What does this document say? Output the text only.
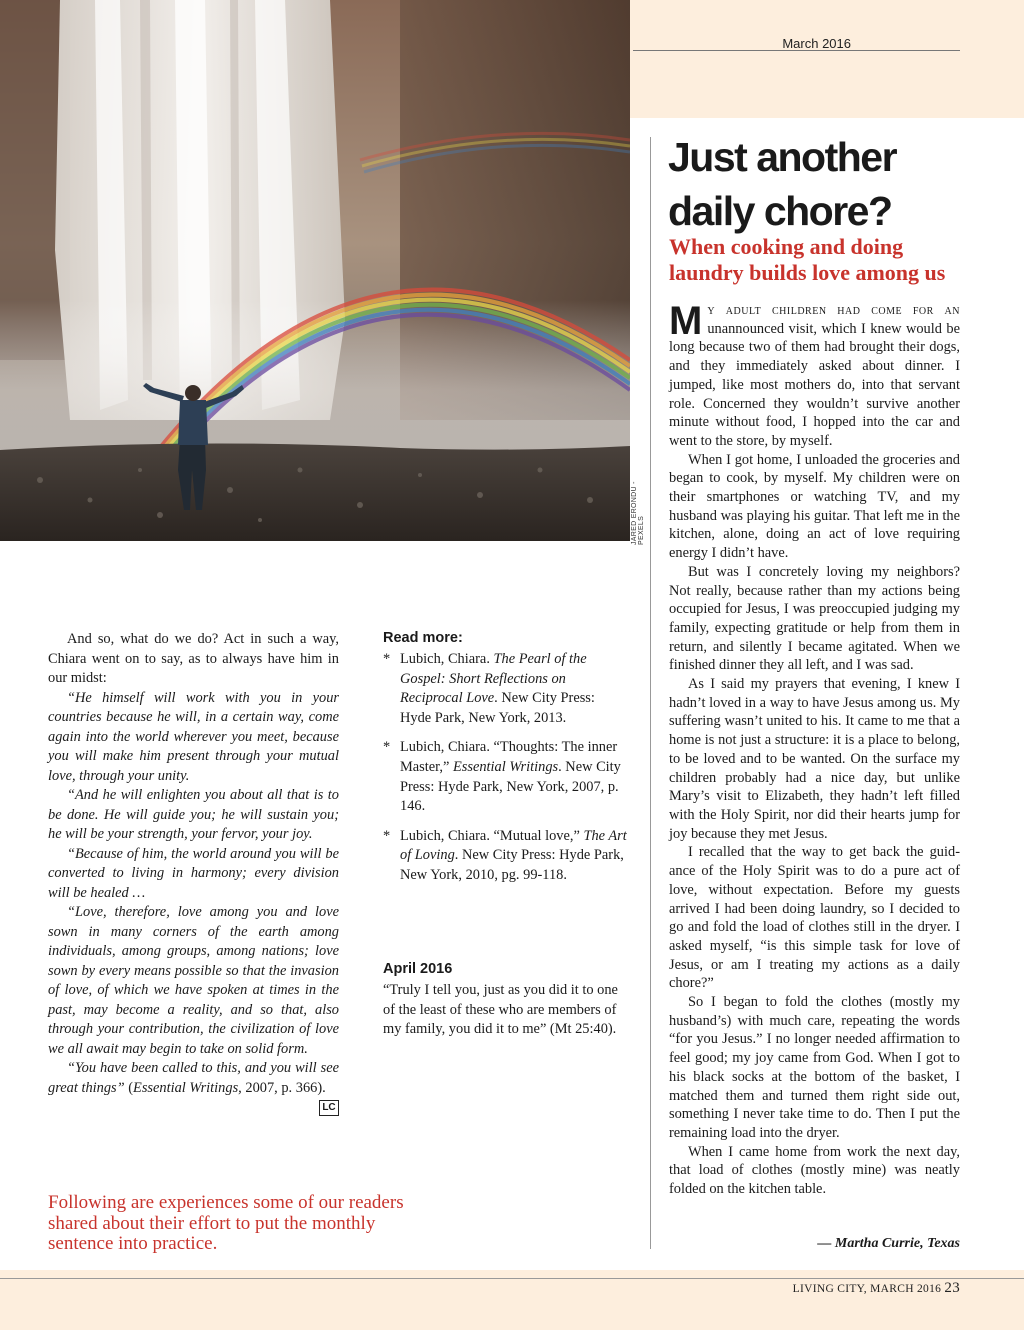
JARED ERONDU - PEXELS
March 2016
Just another daily chore?
When cooking and doing laundry builds love among us

My adult children had come for an unannounced visit, which I knew would be long because two of them had brought their dogs, and they immediately asked about dinner. I jumped, like most mothers do, into that servant role. Concerned they wouldn’t survive another minute without food, I hopped into the car and went to the store, by myself.

When I got home, I unloaded the groceries and began to cook, by myself. My children were on their smartphones or watching TV, and my husband was playing his guitar. That left me in the kitchen, alone, doing an act of love requiring energy I didn’t have.

But was I concretely loving my neighbors? Not really, because rather than my actions being occupied for Jesus, I was preoccupied judging my family, expecting gratitude or help from them in return, and silently I became agitated. When we finished dinner they all left, and I was sad.

As I said my prayers that evening, I knew I hadn’t loved in a way to have Jesus among us. My suffering wasn’t united to his. It came to me that a home is not just a structure: it is a place to belong, to be loved and to be wanted. On the surface my children probably had a nice day, but unlike Mary’s visit to Elizabeth, they hadn’t left filled with the Holy Spirit, nor did their hearts jump for joy because they met Jesus.

I recalled that the way to get back the guid-ance of the Holy Spirit was to do a pure act of love, without expectation. Before my guests arrived I had been doing laundry, so I decided to go and fold the load of clothes still in the dryer. I asked myself, “is this simple task for love of Jesus, or am I treating my actions as a daily chore?”

So I began to fold the clothes (mostly my husband’s) with much care, repeating the words “for you Jesus.” I no longer needed affirmation to feel good; my joy came from God. When I got to his black socks at the bottom of the basket, I matched them and turned them right side out, something I never take time to do. Then I put the remaining load into the dryer.

When I came home from work the next day, that load of clothes (mostly mine) was neatly folded on the kitchen table.

— Martha Currie, Texas

And so, what do we do? Act in such a way, Chiara went on to say, as to always have him in our midst:

“He himself will work with you in your countries because he will, in a certain way, come again into the world wherever you meet, because you will make him present through your mutual love, through your unity.

“And he will enlighten you about all that is to be done. He will guide you; he will sustain you; he will be your strength, your fervor, your joy.

“Because of him, the world around you will be converted to living in harmony; every division will be healed …

“Love, therefore, love among you and love sown in many corners of the earth among individuals, among groups, among nations; love sown by every means possible so that the invasion of love, of which we have spoken at times in the past, may become a reality, and so that, also through your contribution, the civilization of love we all await may begin to take on solid form.

“You have been called to this, and you will see great things” (Essential Writings, 2007, p. 366).
LC

Read more:
* Lubich, Chiara. The Pearl of the Gospel: Short Reflections on Reciprocal Love. New City Press: Hyde Park, New York, 2013.
* Lubich, Chiara. “Thoughts: The inner Master,” Essential Writings. New City Press: Hyde Park, New York, 2007, p. 146.
* Lubich, Chiara. “Mutual love,” The Art of Loving. New City Press: Hyde Park, New York, 2010, pg. 99-118.
April 2016
“Truly I tell you, just as you did it to one of the least of these who are members of my family, you did it to me” (Mt 25:40).

Following are experiences some of our readers shared about their effort to put the monthly sentence into practice.

LIVING CITY, MARCH 2016 23
